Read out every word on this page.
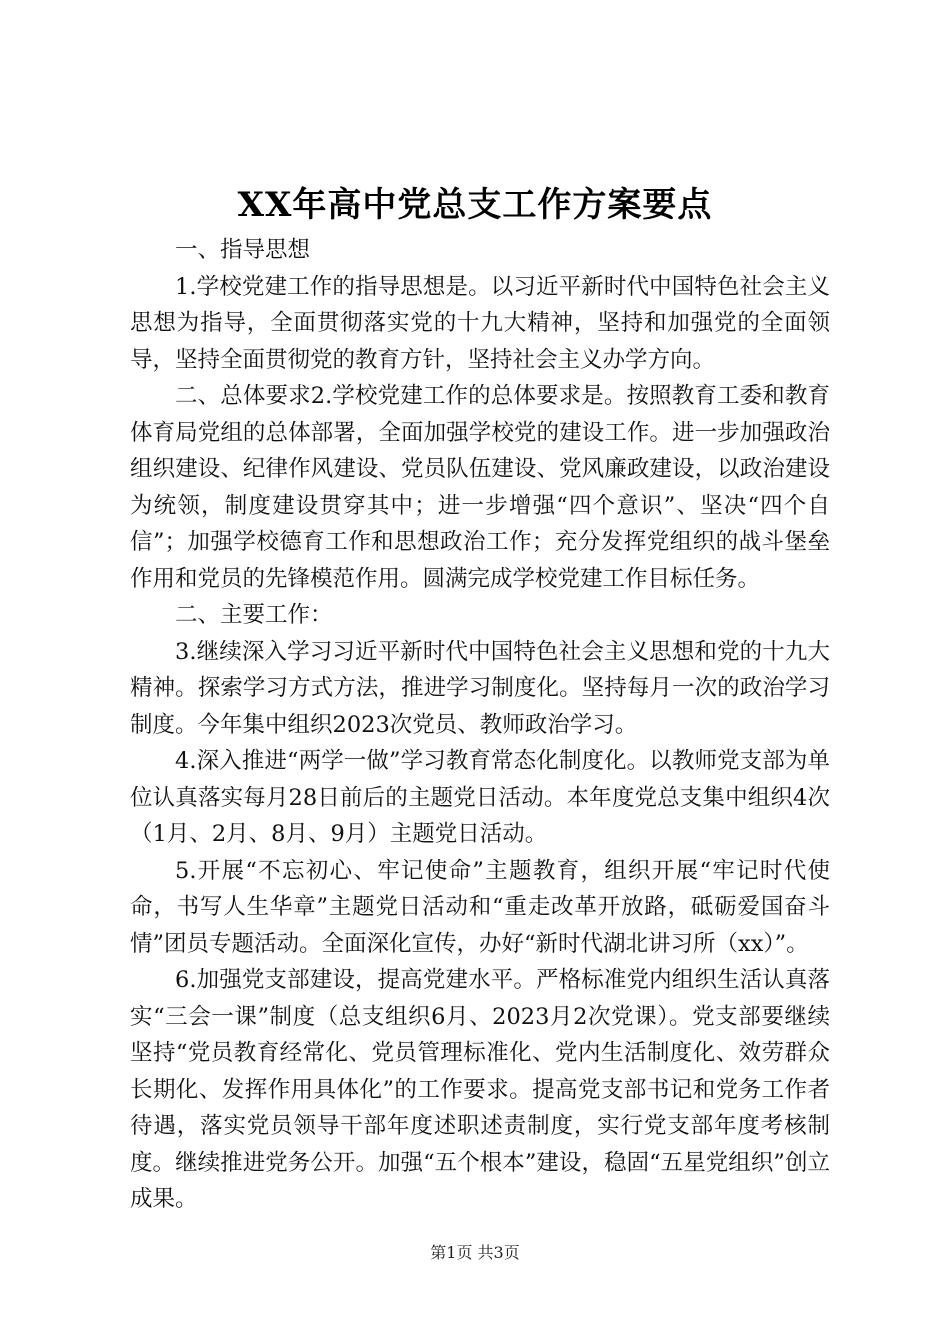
XX年高中党总支工作方案要点

一、指导思想

1.学校党建工作的指导思想是。以习近平新时代中国特色社会主义思想为指导，全面贯彻落实党的十九大精神，坚持和加强党的全面领导，坚持全面贯彻党的教育方针，坚持社会主义办学方向。

二、总体要求2.学校党建工作的总体要求是。按照教育工委和教育体育局党组的总体部署，全面加强学校党的建设工作。进一步加强政治组织建设、纪律作风建设、党员队伍建设、党风廉政建设，以政治建设为统领，制度建设贯穿其中；进一步增强“四个意识”、坚决“四个自信”；加强学校德育工作和思想政治工作；充分发挥党组织的战斗堡垒作用和党员的先锋模范作用。圆满完成学校党建工作目标任务。

二、主要工作：

3.继续深入学习习近平新时代中国特色社会主义思想和党的十九大精神。探索学习方式方法，推进学习制度化。坚持每月一次的政治学习制度。今年集中组织2023次党员、教师政治学习。

4.深入推进“两学一做”学习教育常态化制度化。以教师党支部为单位认真落实每月28日前后的主题党日活动。本年度党总支集中组织4次（1月、2月、8月、9月）主题党日活动。

5.开展“不忘初心、牢记使命”主题教育，组织开展“牢记时代使命，书写人生华章”主题党日活动和“重走改革开放路，砥砺爱国奋斗情”团员专题活动。全面深化宣传，办好“新时代湖北讲习所（xx）”。

6.加强党支部建设，提高党建水平。严格标准党内组织生活认真落实“三会一课”制度（总支组织6月、2023月2次党课）。党支部要继续坚持“党员教育经常化、党员管理标准化、党内生活制度化、效劳群众长期化、发挥作用具体化”的工作要求。提高党支部书记和党务工作者待遇，落实党员领导干部年度述职述责制度，实行党支部年度考核制度。继续推进党务公开。加强“五个根本”建设，稳固“五星党组织”创立成果。

第1页 共3页
